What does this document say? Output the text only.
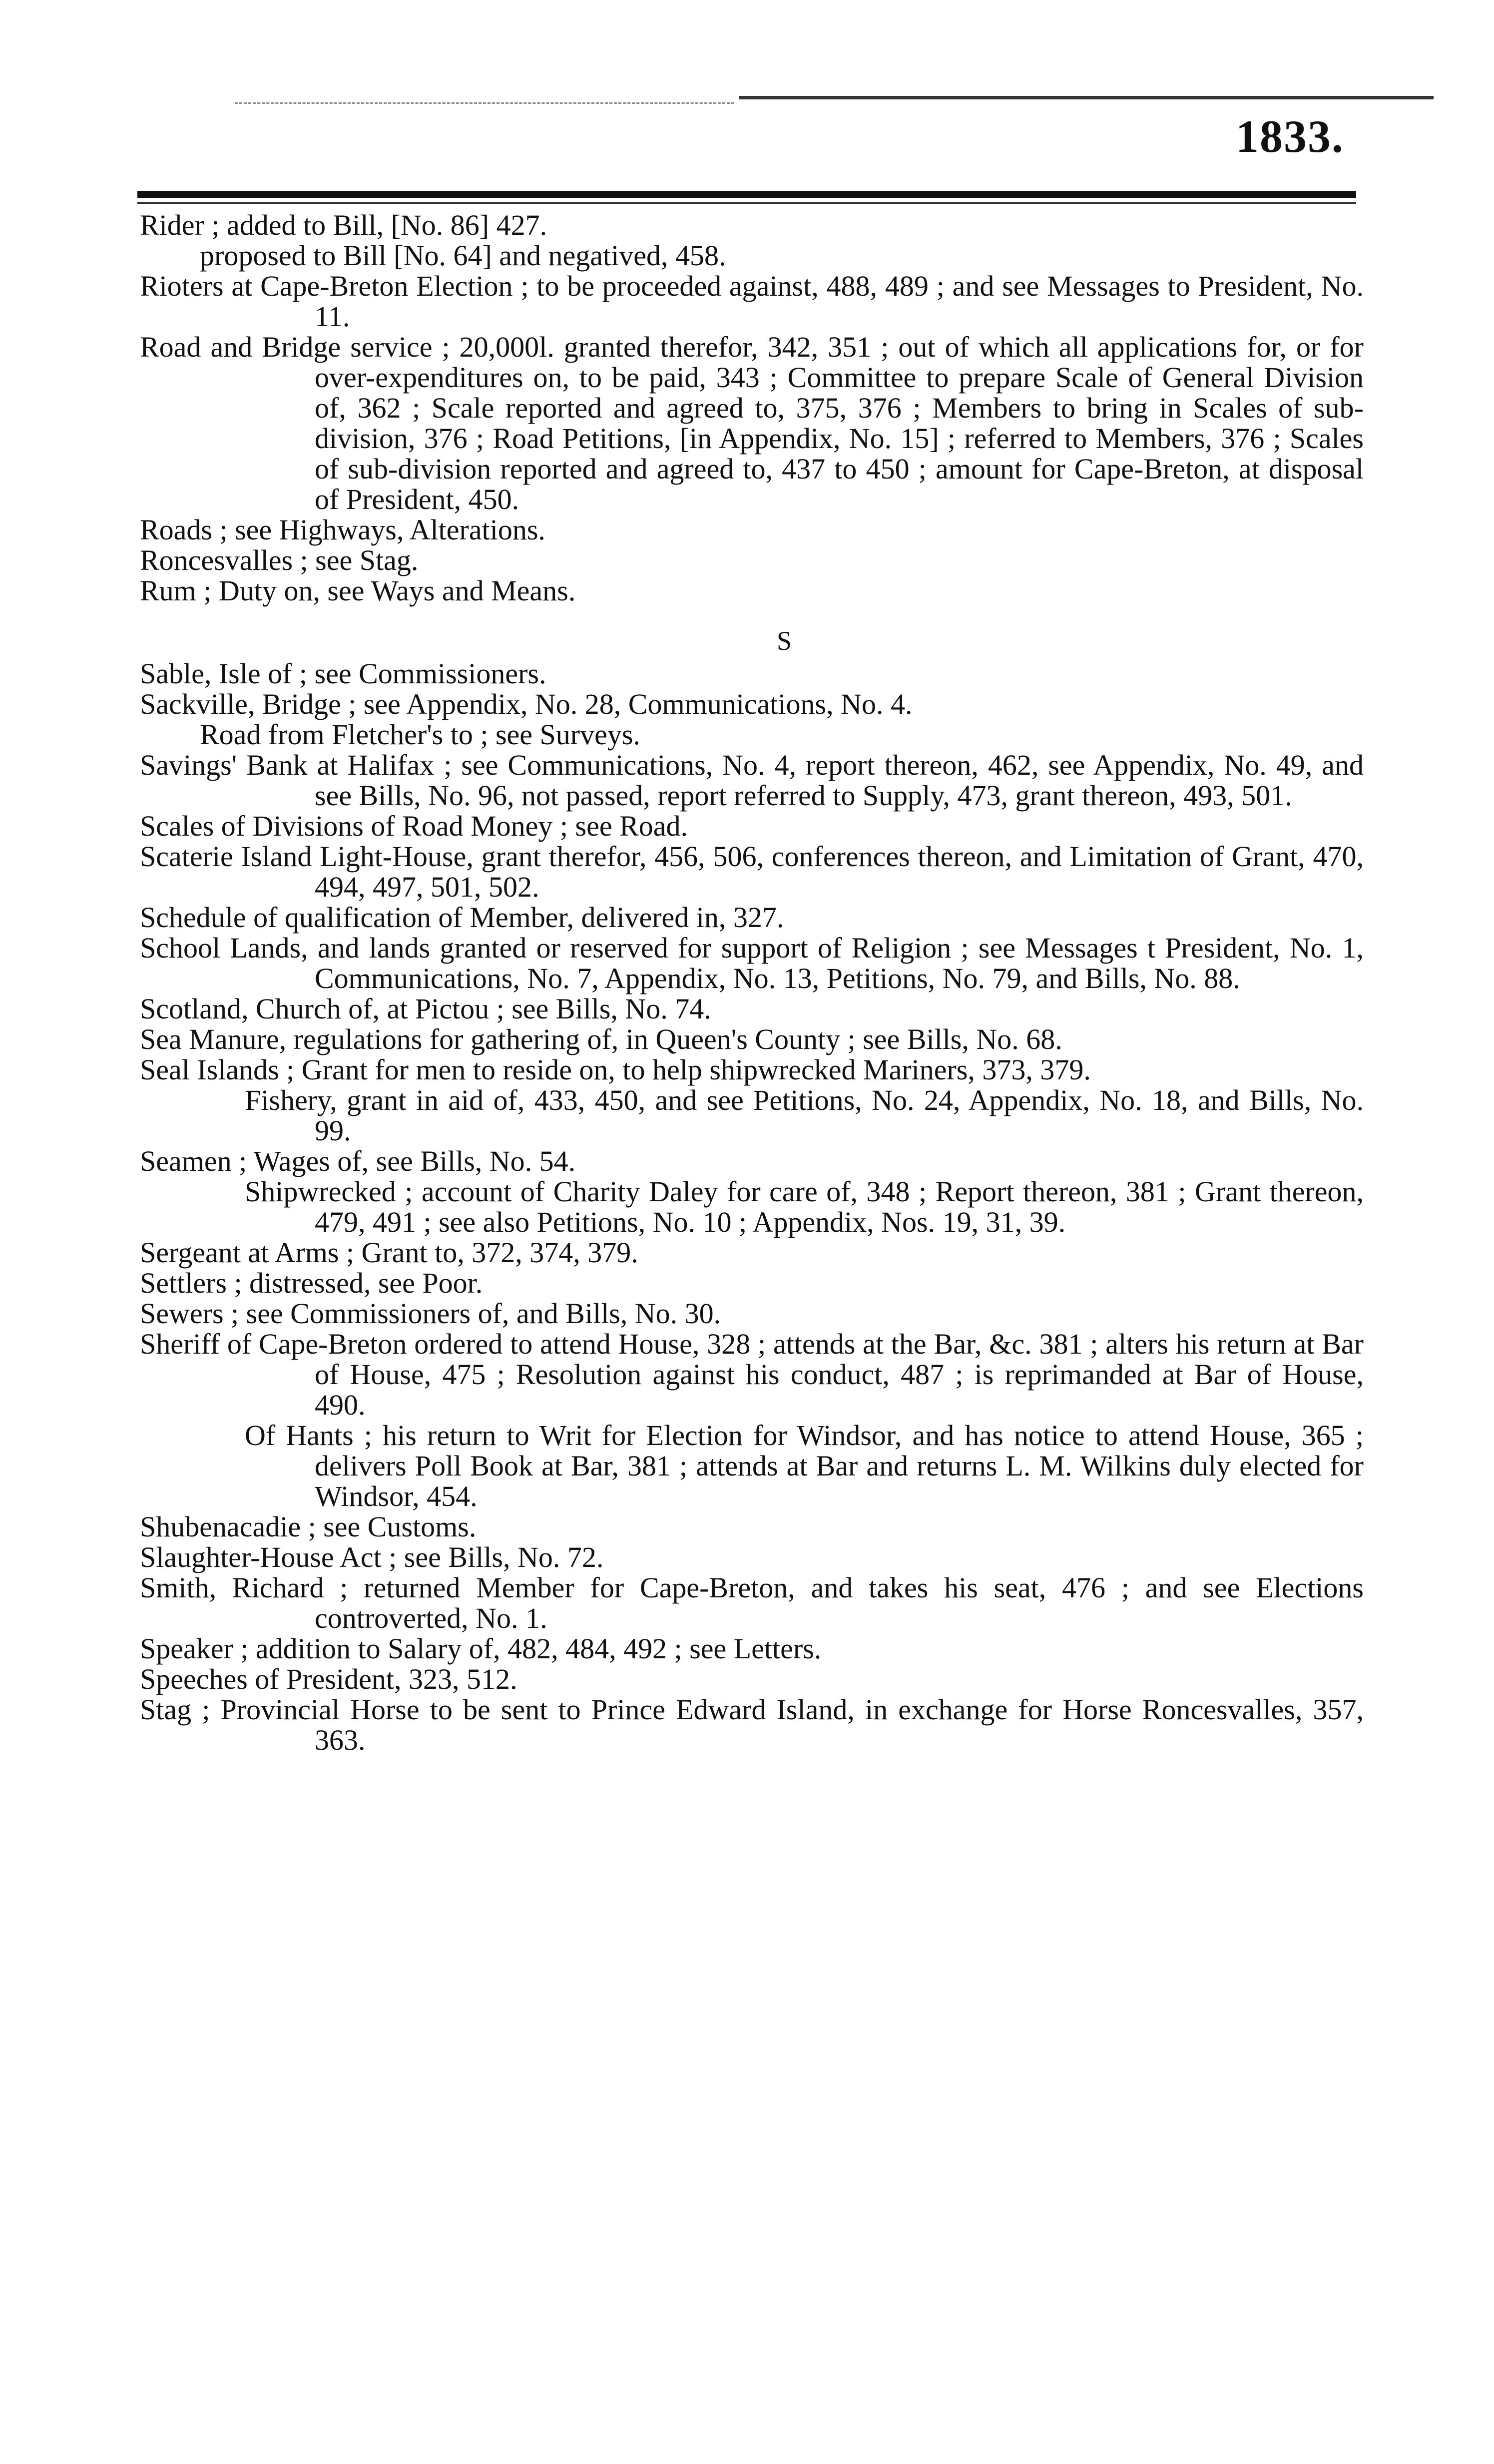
1833.
Rider ; added to Bill, [No. 86] 427.
proposed to Bill [No. 64] and negatived, 458.
Rioters at Cape-Breton Election ; to be proceeded against, 488, 489 ; and see Messages to President, No. 11.
Road and Bridge service ; 20,000l. granted therefor, 342, 351 ; out of which all applications for, or for over-expenditures on, to be paid, 343 ; Committee to prepare Scale of General Division of, 362 ; Scale reported and agreed to, 375, 376 ; Members to bring in Scales of sub-division, 376 ; Road Petitions, [in Appendix, No. 15] ; referred to Members, 376 ; Scales of sub-division reported and agreed to, 437 to 450 ; amount for Cape-Breton, at disposal of President, 450.
Roads ; see Highways, Alterations.
Roncesvalles ; see Stag.
Rum ; Duty on, see Ways and Means.
S
Sable, Isle of ; see Commissioners.
Sackville, Bridge ; see Appendix, No. 28, Communications, No. 4.
Road from Fletcher's to ; see Surveys.
Savings' Bank at Halifax ; see Communications, No. 4, report thereon, 462, see Appendix, No. 49, and see Bills, No. 96, not passed, report referred to Supply, 473, grant thereon, 493, 501.
Scales of Divisions of Road Money ; see Road.
Scaterie Island Light-House, grant therefor, 456, 506, conferences thereon, and Limitation of Grant, 470, 494, 497, 501, 502.
Schedule of qualification of Member, delivered in, 327.
School Lands, and lands granted or reserved for support of Religion ; see Messages t President, No. 1, Communications, No. 7, Appendix, No. 13, Petitions, No. 79, and Bills, No. 88.
Scotland, Church of, at Pictou ; see Bills, No. 74.
Sea Manure, regulations for gathering of, in Queen's County ; see Bills, No. 68.
Seal Islands ; Grant for men to reside on, to help shipwrecked Mariners, 373, 379.
Fishery, grant in aid of, 433, 450, and see Petitions, No. 24, Appendix, No. 18, and Bills, No. 99.
Seamen ; Wages of, see Bills, No. 54.
Shipwrecked ; account of Charity Daley for care of, 348 ; Report thereon, 381 ; Grant thereon, 479, 491 ; see also Petitions, No. 10 ; Appendix, Nos. 19, 31, 39.
Sergeant at Arms ; Grant to, 372, 374, 379.
Settlers ; distressed, see Poor.
Sewers ; see Commissioners of, and Bills, No. 30.
Sheriff of Cape-Breton ordered to attend House, 328 ; attends at the Bar, &c. 381 ; alters his return at Bar of House, 475 ; Resolution against his conduct, 487 ; is reprimanded at Bar of House, 490.
Of Hants ; his return to Writ for Election for Windsor, and has notice to attend House, 365 ; delivers Poll Book at Bar, 381 ; attends at Bar and returns L. M. Wilkins duly elected for Windsor, 454.
Shubenacadie ; see Customs.
Slaughter-House Act ; see Bills, No. 72.
Smith, Richard ; returned Member for Cape-Breton, and takes his seat, 476 ; and see Elections controverted, No. 1.
Speaker ; addition to Salary of, 482, 484, 492 ; see Letters.
Speeches of President, 323, 512.
Stag ; Provincial Horse to be sent to Prince Edward Island, in exchange for Horse Roncesvalles, 357, 363.
